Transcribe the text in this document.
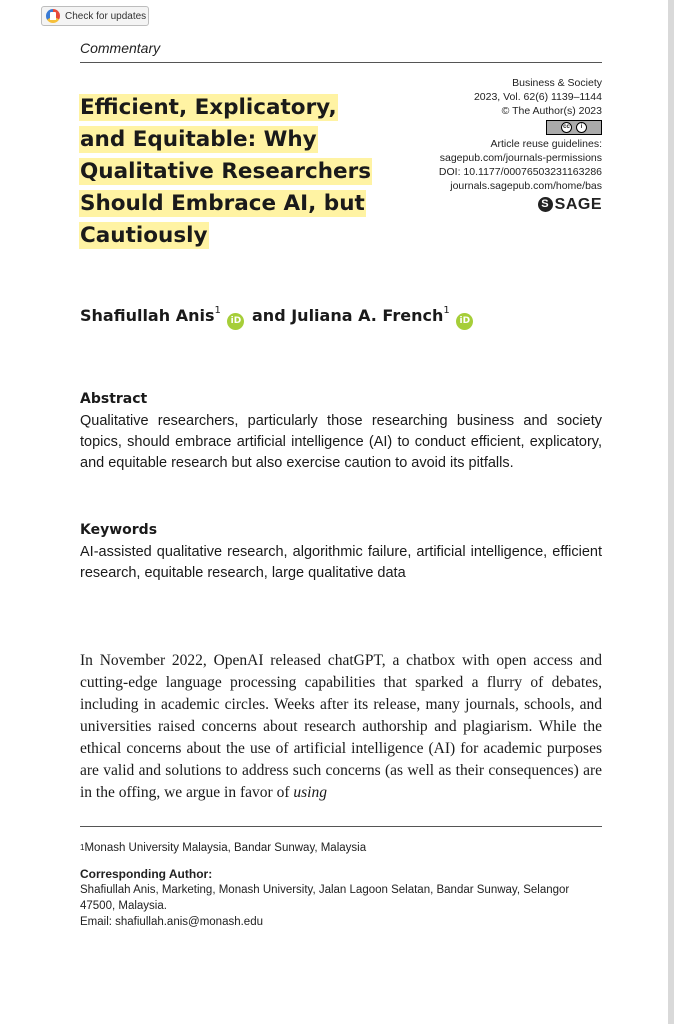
Check for updates
Commentary
Efficient, Explicatory,
and Equitable: Why
Qualitative Researchers
Should Embrace AI, but
Cautiously
Business & Society
2023, Vol. 62(6) 1139–1144
© The Author(s) 2023
cc	i
Article reuse guidelines:
sagepub.com/journals-permissions
DOI: 10.1177/00076503231163286
journals.sagepub.com/home/bas
S SAGE
Shafiullah Anis$^1$ iD and Juliana A. French$^1$ iD
Abstract

Qualitative researchers, particularly those researching business and society topics, should embrace artificial intelligence (AI) to conduct efficient, explicatory, and equitable research but also exercise caution to avoid its pitfalls.

Keywords

AI-assisted qualitative research, algorithmic failure, artificial intelligence, efficient research, equitable research, large qualitative data

In November 2022, OpenAI released chatGPT, a chatbox with open access and cutting-edge language processing capabilities that sparked a flurry of debates, including in academic circles. Weeks after its release, many journals, schools, and universities raised concerns about research authorship and plagiarism. While the ethical concerns about the use of artificial intelligence (AI) for academic purposes are valid and solutions to address such concerns (as well as their consequences) are in the offing, we argue in favor of using

$^1$Monash University Malaysia, Bandar Sunway, Malaysia
Corresponding Author:
Shafiullah Anis, Marketing, Monash University, Jalan Lagoon Selatan, Bandar Sunway, Selangor
47500, Malaysia.
Email: shafiullah.anis@monash.edu
